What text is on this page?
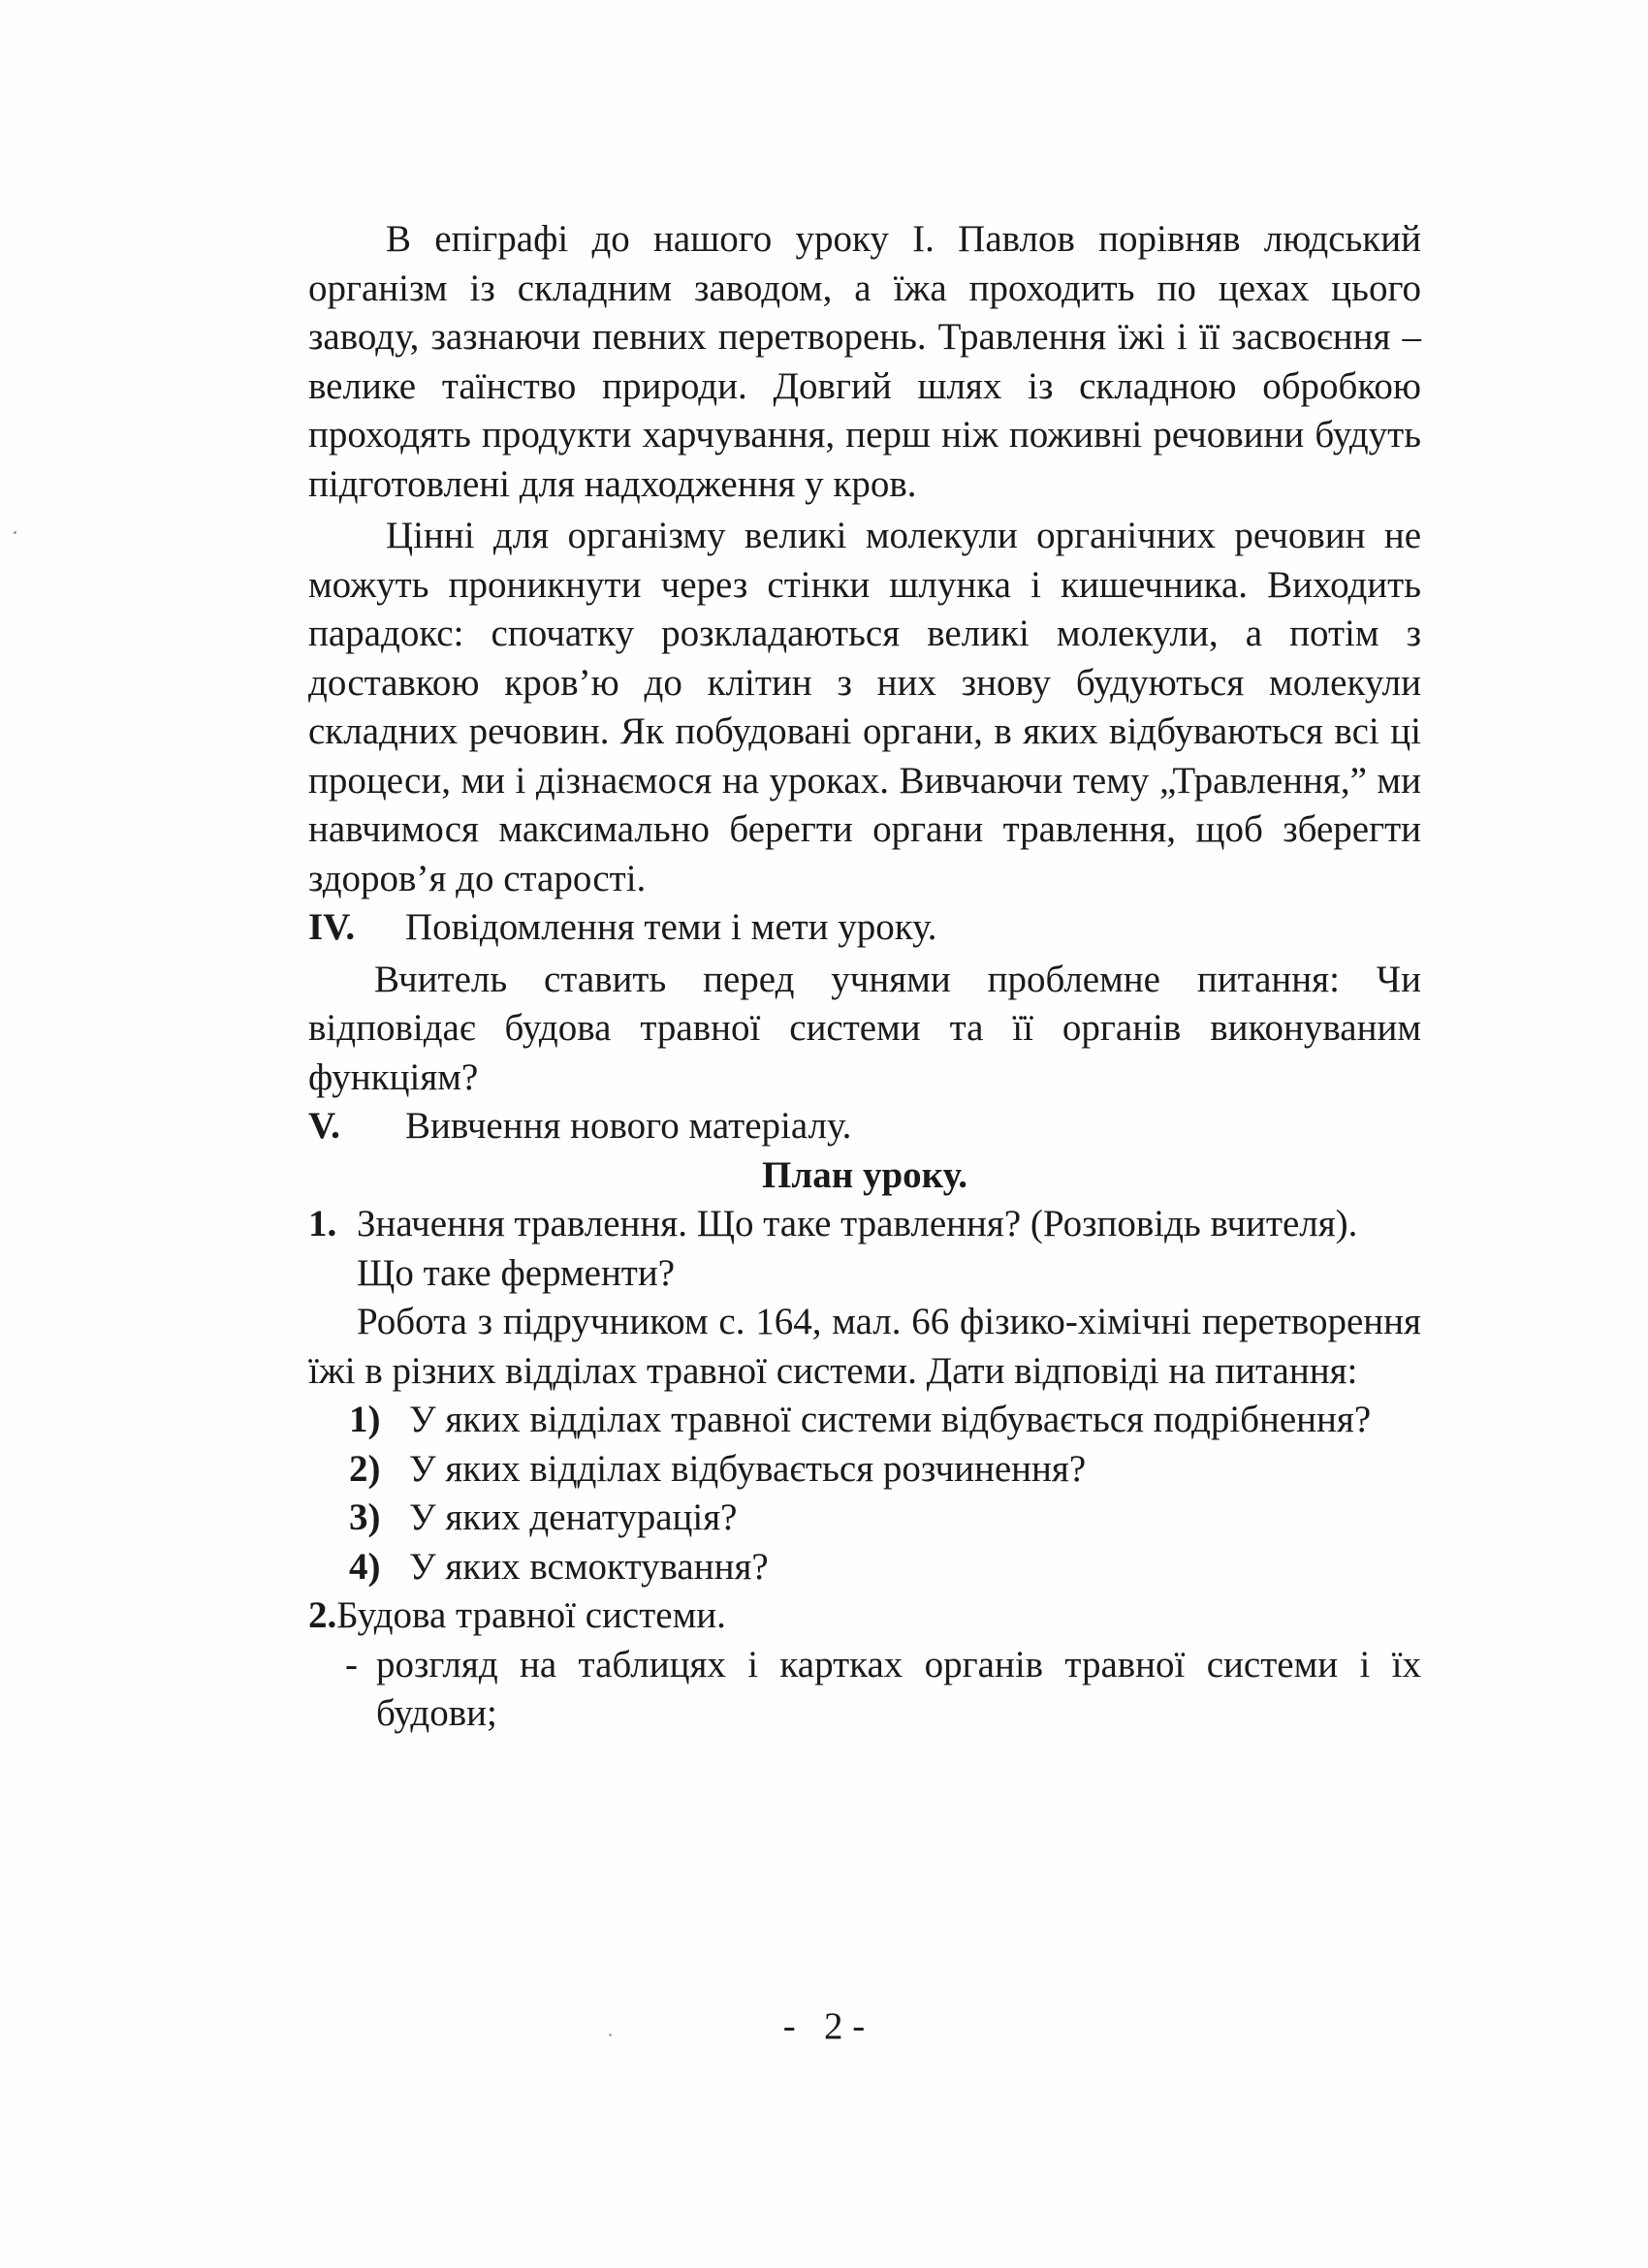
В епіграфі до нашого уроку І. Павлов порівняв людський організм із складним заводом, а їжа проходить по цехах цього заводу, зазнаючи певних перетворень. Травлення їжі і її засвоєння – велике таїнство природи. Довгий шлях із складною обробкою проходять продукти харчування, перш ніж поживні речовини будуть підготовлені для надходження у кров.

Цінні для організму великі молекули органічних речовин не можуть проникнути через стінки шлунка і кишечника. Виходить парадокс: спочатку розкладаються великі молекули, а потім з доставкою кров’ю до клітин з них знову будуються молекули складних речовин. Як побудовані органи, в яких відбуваються всі ці процеси, ми і дізнаємося на уроках. Вивчаючи тему „Травлення,” ми навчимося максимально берегти органи травлення, щоб зберегти здоров’я до старості.

IV.	Повідомлення теми і мети уроку.

Вчитель ставить перед учнями проблемне питання: Чи відповідає будова травної системи та її органів виконуваним функціям?

V.	Вивчення нового матеріалу.

План уроку.

1. Значення травлення. Що таке травлення? (Розповідь вчителя).

Що таке ферменти?

Робота з підручником с. 164, мал. 66 фізико-хімічні перетворення їжі в різних відділах травної системи. Дати відповіді на питання:

1) У яких відділах травної системи відбувається подрібнення?
2) У яких відділах відбувається розчинення?
3) У яких денатурація?
4) У яких всмоктування?
2. Будова травної системи.
- розгляд на таблицях і картках органів травної системи і їх будови;
-   2 -
